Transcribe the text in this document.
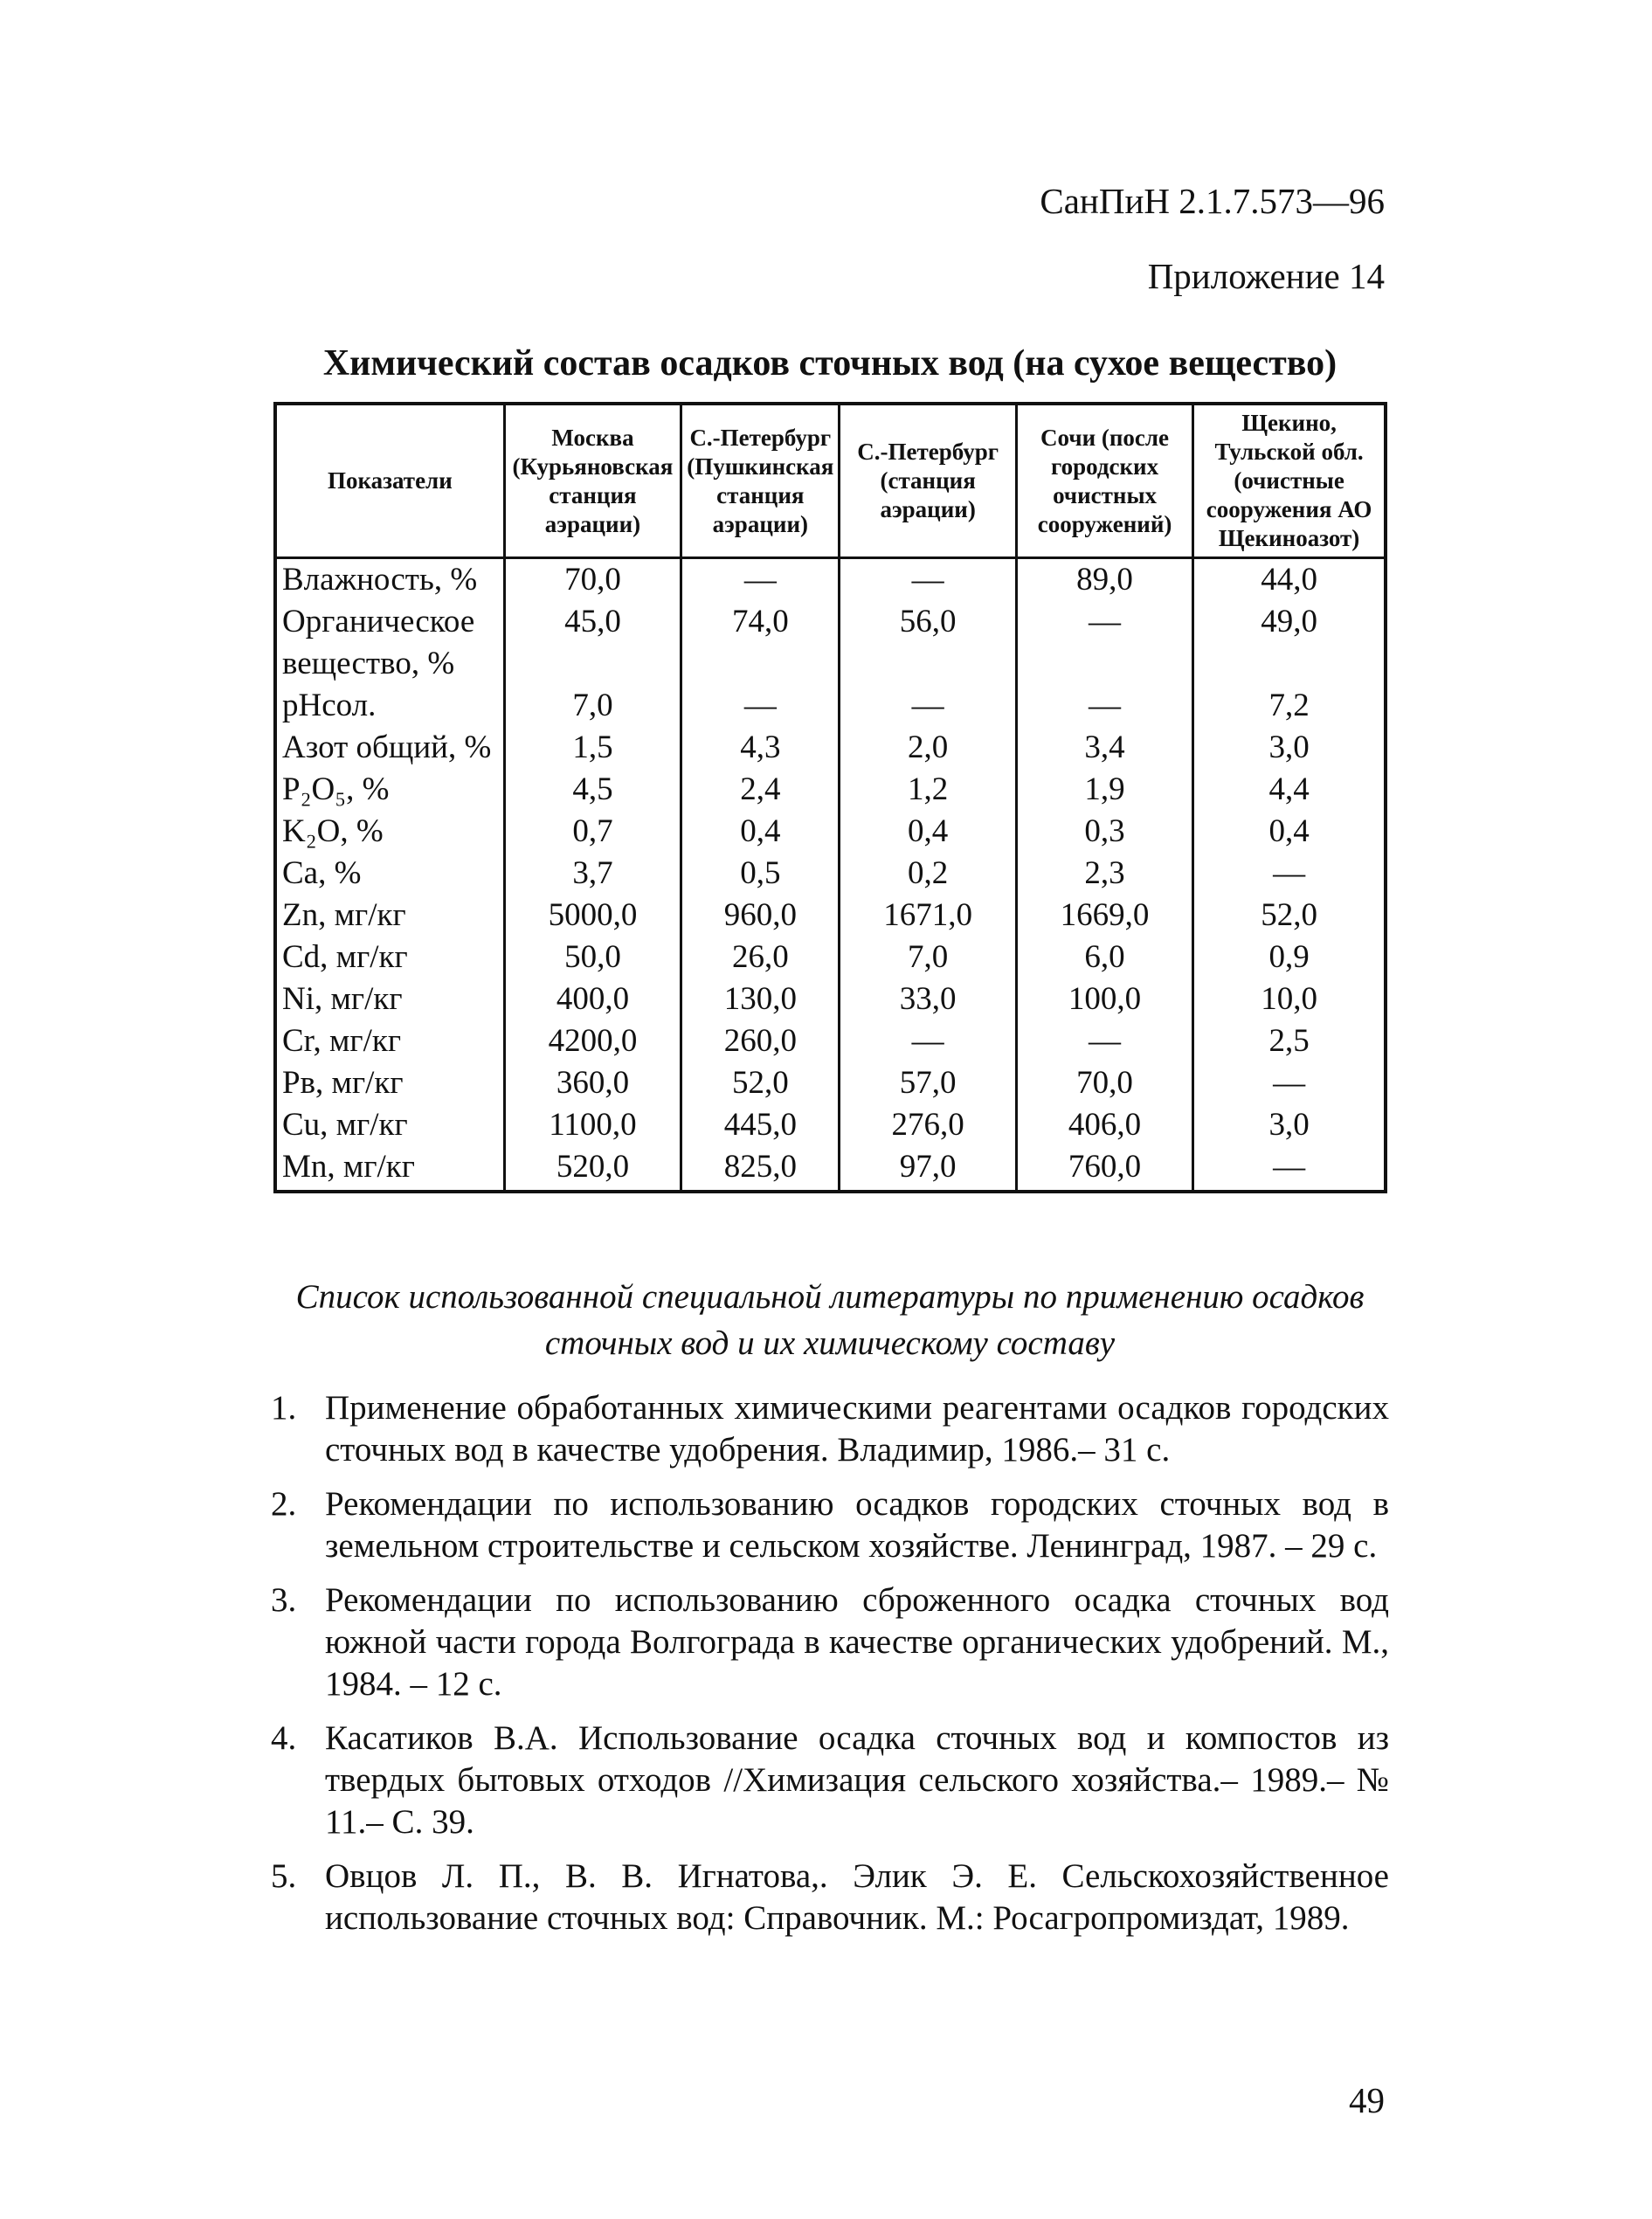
СанПиН 2.1.7.573—96
Приложение 14
Химический состав осадков сточных вод (на сухое вещество)
Показатели	Москва (Курьяновская станция аэрации)	С.-Петербург (Пушкинская станция аэрации)	С.-Петербург (станция аэрации)	Сочи (после городских очистных сооружений)	Щекино, Тульской обл. (очистные сооружения АО Щекиноазот)
Влажность, %	70,0	—	—	89,0	44,0
Органическое вещество, %	45,0	74,0	56,0	—	49,0
рНсол.	7,0	—	—	—	7,2
Азот общий, %	1,5	4,3	2,0	3,4	3,0
P₂O₅, %	4,5	2,4	1,2	1,9	4,4
K₂O, %	0,7	0,4	0,4	0,3	0,4
Са, %	3,7	0,5	0,2	2,3	—
Zn, мг/кг	5000,0	960,0	1671,0	1669,0	52,0
Cd, мг/кг	50,0	26,0	7,0	6,0	0,9
Ni, мг/кг	400,0	130,0	33,0	100,0	10,0
Cr, мг/кг	4200,0	260,0	—	—	2,5
Рв, мг/кг	360,0	52,0	57,0	70,0	—
Cu, мг/кг	1100,0	445,0	276,0	406,0	3,0
Mn, мг/кг	520,0	825,0	97,0	760,0	—
Список использованной специальной литературы по применению осадков сточных вод и их химическому составу
1. Применение обработанных химическими реагентами осадков городских сточных вод в качестве удобрения. Владимир, 1986.– 31 с.
2. Рекомендации по использованию осадков городских сточных вод в земельном строительстве и сельском хозяйстве. Ленинград, 1987. – 29 с.
3. Рекомендации по использованию сброженного осадка сточных вод южной части города Волгограда в качестве органических удобрений. М., 1984. – 12 с.
4. Касатиков В.А. Использование осадка сточных вод и компостов из твердых бытовых отходов //Химизация сельского хозяйства.– 1989.– № 11.– С. 39.
5. Овцов Л. П., В. В. Игнатова,. Элик Э. Е. Сельскохозяйственное использование сточных вод: Справочник. М.: Росагропромиздат, 1989.
49
